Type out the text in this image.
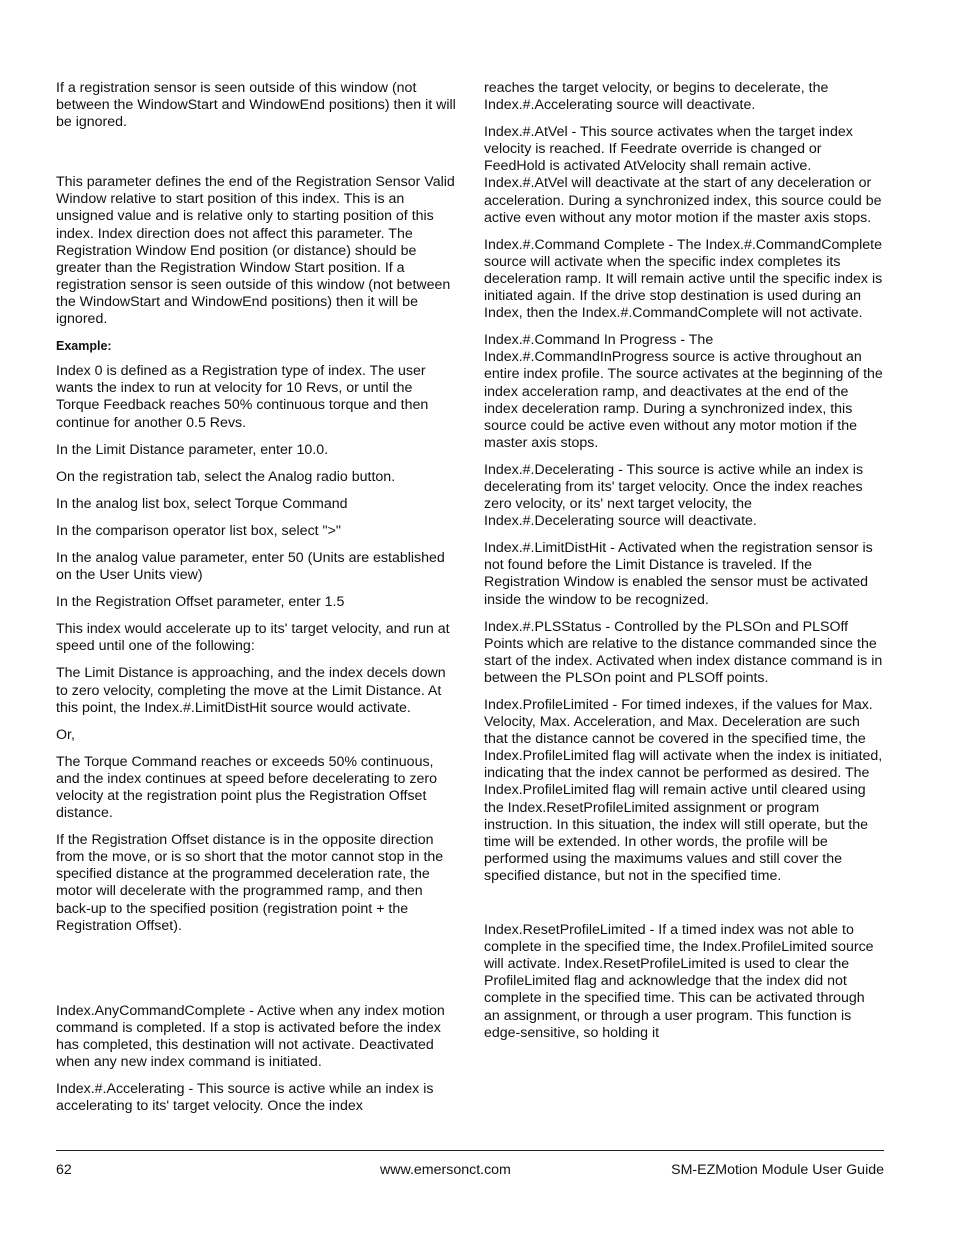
If a registration sensor is seen outside of this window (not between the WindowStart and WindowEnd positions) then it will be ignored.

This parameter defines the end of the Registration Sensor Valid Window relative to start position of this index. This is an unsigned value and is relative only to starting position of this index. Index direction does not affect this parameter. The Registration Window End position (or distance) should be greater than the Registration Window Start position. If a registration sensor is seen outside of this window (not between the WindowStart and WindowEnd positions) then it will be ignored.

Example:

Index 0 is defined as a Registration type of index. The user wants the index to run at velocity for 10 Revs, or until the Torque Feedback reaches 50% continuous torque and then continue for another 0.5 Revs.

In the Limit Distance parameter, enter 10.0.

On the registration tab, select the Analog radio button.

In the analog list box, select Torque Command

In the comparison operator list box, select ">"

In the analog value parameter, enter 50 (Units are established on the User Units view)

In the Registration Offset parameter, enter 1.5

This index would accelerate up to its' target velocity, and run at speed until one of the following:

The Limit Distance is approaching, and the index decels down to zero velocity, completing the move at the Limit Distance. At this point, the Index.#.LimitDistHit source would activate.

Or,

The Torque Command reaches or exceeds 50% continuous, and the index continues at speed before decelerating to zero velocity at the registration point plus the Registration Offset distance.

If the Registration Offset distance is in the opposite direction from the move, or is so short that the motor cannot stop in the specified distance at the programmed deceleration rate, the motor will decelerate with the programmed ramp, and then back-up to the specified position (registration point + the Registration Offset).

Index.AnyCommandComplete - Active when any index motion command is completed. If a stop is activated before the index has completed, this destination will not activate. Deactivated when any new index command is initiated.

Index.#.Accelerating - This source is active while an index is accelerating to its' target velocity. Once the index

reaches the target velocity, or begins to decelerate, the Index.#.Accelerating source will deactivate.

Index.#.AtVel - This source activates when the target index velocity is reached. If Feedrate override is changed or FeedHold is activated AtVelocity shall remain active. Index.#.AtVel will deactivate at the start of any deceleration or acceleration. During a synchronized index, this source could be active even without any motor motion if the master axis stops.

Index.#.Command Complete - The Index.#.CommandComplete source will activate when the specific index completes its deceleration ramp. It will remain active until the specific index is initiated again. If the drive stop destination is used during an Index, then the Index.#.CommandComplete will not activate.

Index.#.Command In Progress - The Index.#.CommandInProgress source is active throughout an entire index profile. The source activates at the beginning of the index acceleration ramp, and deactivates at the end of the index deceleration ramp. During a synchronized index, this source could be active even without any motor motion if the master axis stops.

Index.#.Decelerating - This source is active while an index is decelerating from its' target velocity. Once the index reaches zero velocity, or its' next target velocity, the Index.#.Decelerating source will deactivate.

Index.#.LimitDistHit - Activated when the registration sensor is not found before the Limit Distance is traveled. If the Registration Window is enabled the sensor must be activated inside the window to be recognized.

Index.#.PLSStatus - Controlled by the PLSOn and PLSOff Points which are relative to the distance commanded since the start of the index. Activated when index distance command is in between the PLSOn point and PLSOff points.

Index.ProfileLimited - For timed indexes, if the values for Max. Velocity, Max. Acceleration, and Max. Deceleration are such that the distance cannot be covered in the specified time, the Index.ProfileLimited flag will activate when the index is initiated, indicating that the index cannot be performed as desired. The Index.ProfileLimited flag will remain active until cleared using the Index.ResetProfileLimited assignment or program instruction. In this situation, the index will still operate, but the time will be extended. In other words, the profile will be performed using the maximums values and still cover the specified distance, but not in the specified time.

Index.ResetProfileLimited - If a timed index was not able to complete in the specified time, the Index.ProfileLimited source will activate. Index.ResetProfileLimited is used to clear the ProfileLimited flag and acknowledge that the index did not complete in the specified time. This can be activated through an assignment, or through a user program. This function is edge-sensitive, so holding it

62	www.emersonct.com	SM-EZMotion Module User Guide
